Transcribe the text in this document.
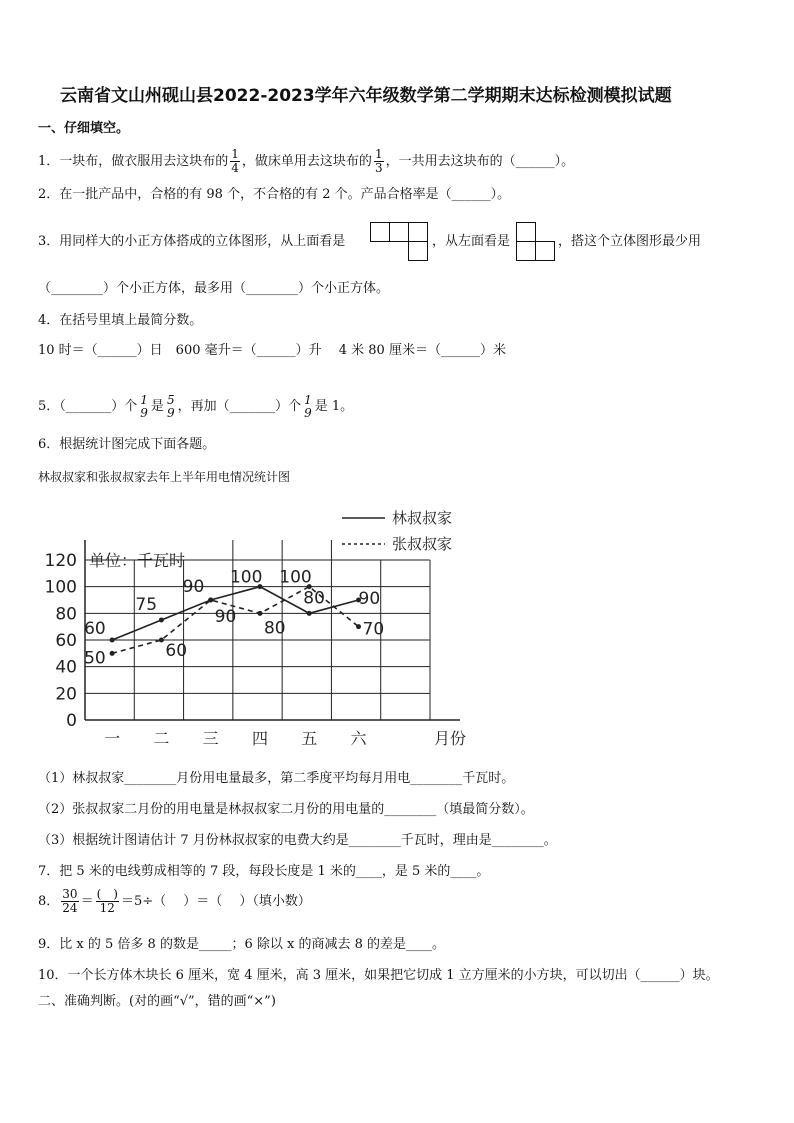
云南省文山州砚山县2022-2023学年六年级数学第二学期期末达标检测模拟试题
一、仔细填空。
1．一块布，做衣服用去这块布的 $\frac{1}{4}$ ，做床单用去这块布的 $\frac{1}{3}$ ，一共用去这块布的（______）。
2．在一批产品中，合格的有 98 个，不合格的有 2 个。产品合格率是（______）。
3．用同样大的小正方体搭成的立体图形，从上面看是	，从左面看是	，搭这个立体图形最少用
（________）个小正方体，最多用（________）个小正方体。
4．在括号里填上最简分数。
10 时＝（______）日　600 毫升＝（______）升　 4 米 80 厘米＝（______）米
5．（_______）个 1
9 是 5
9 ，再加（_______）个 1
9 是 1。
6．根据统计图完成下面各题。
林叔叔家和张叔叔家去年上半年用电情况统计图
0
20
40
60
80
100
120 单位：千瓦时
一 二 三 四 五 六	月份
60
75
90 100
80 90
50	60
90
80
100
70
林叔叔家
张叔叔家
（1）林叔叔家________月份用电量最多，第二季度平均每月用电________千瓦时。
（2）张叔叔家二月份的用电量是林叔叔家二月份的用电量的________（填最简分数）。
（3）根据统计图请估计 7 月份林叔叔家的电费大约是________千瓦时，理由是________。
7．把 5 米的电线剪成相等的 7 段，每段长度是 1 米的____，是 5 米的____。
8． $\frac{30}{24} = \frac{( )}{12} =5\div$（　 ）＝（　 ）（填小数）
9．比 x 的 5 倍多 8 的数是_____；6 除以 x 的商减去 8 的差是____。
10．一个长方体木块长 6 厘米，宽 4 厘米，高 3 厘米，如果把它切成 1 立方厘米的小方块，可以切出（______）块。
二、准确判断。(对的画“√”，错的画“×”)
